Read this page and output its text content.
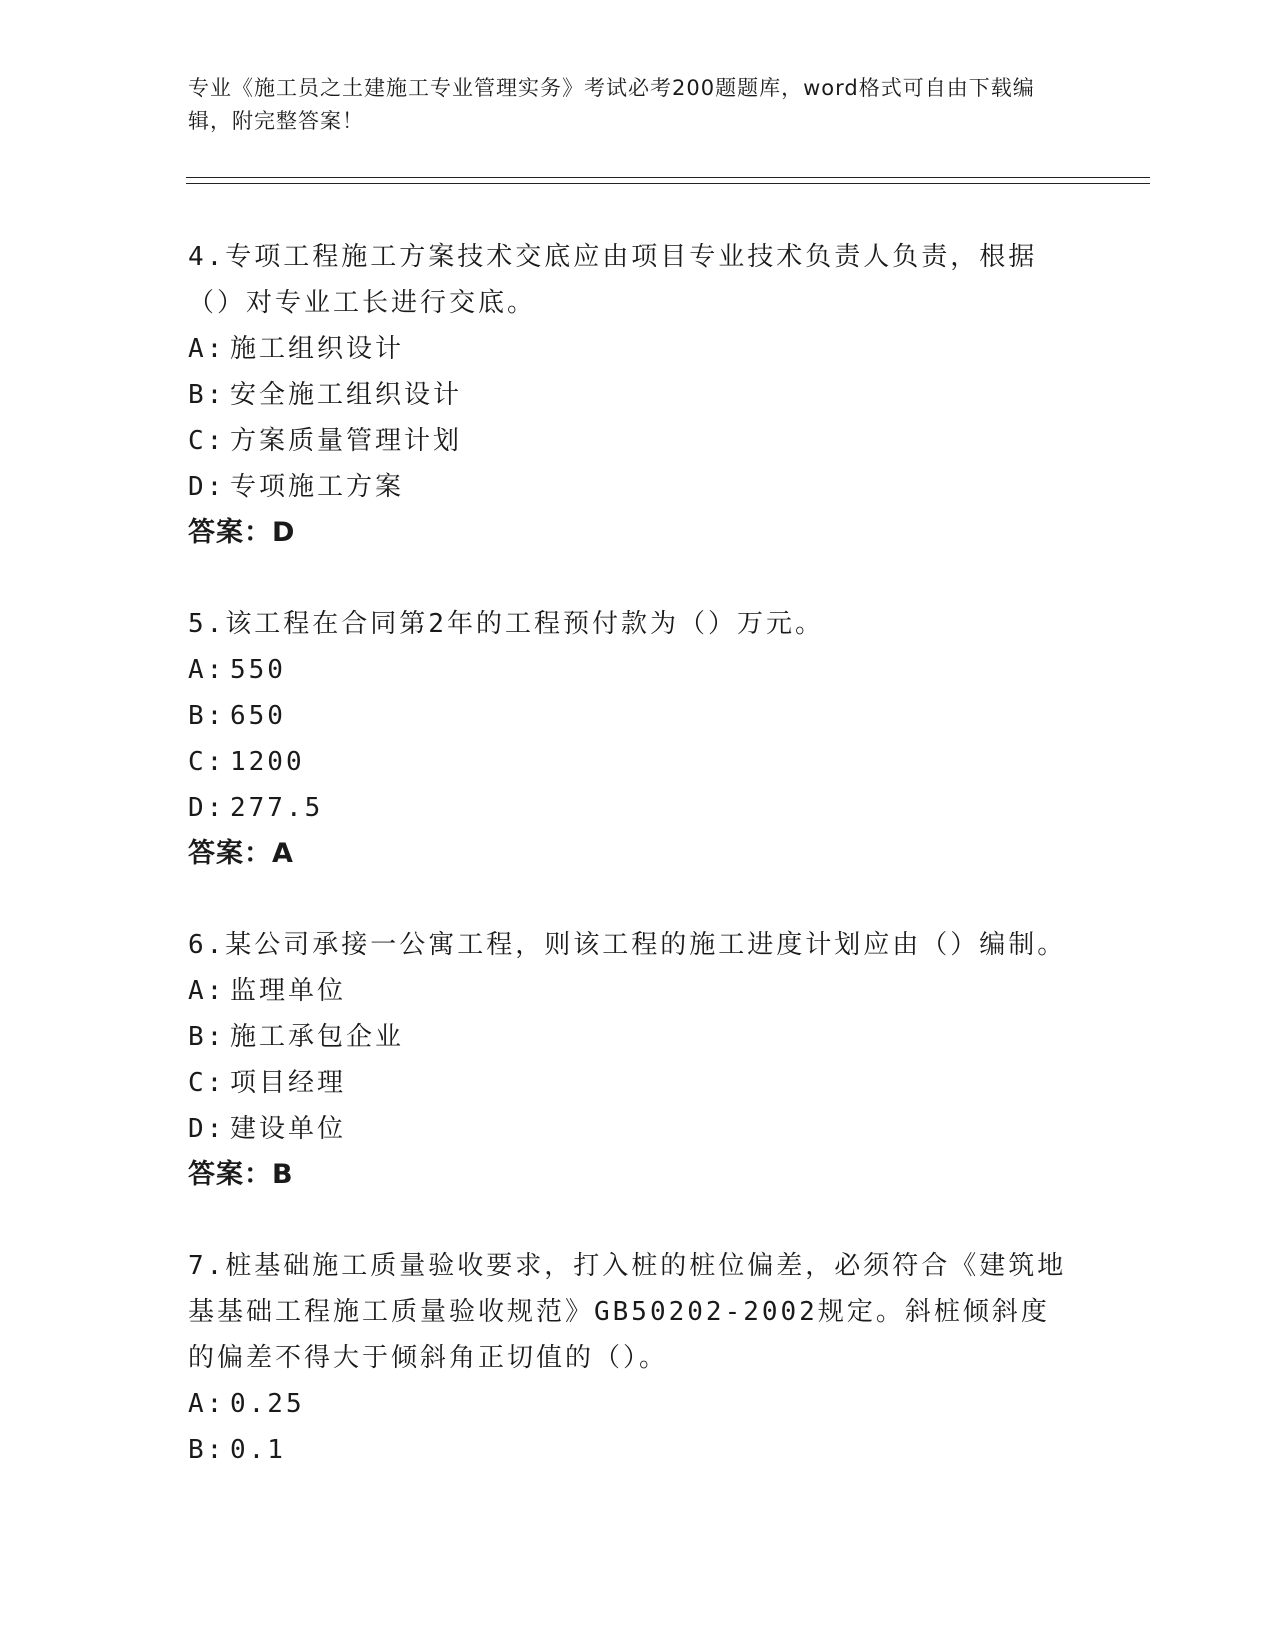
专业《施工员之土建施工专业管理实务》考试必考200题题库，word格式可自由下载编辑，附完整答案！

4.专项工程施工方案技术交底应由项目专业技术负责人负责，根据（）对专业工长进行交底。

A: 施工组织设计

B: 安全施工组织设计

C: 方案质量管理计划

D: 专项施工方案

答案：D

5.该工程在合同第2年的工程预付款为（）万元。

A: 550

B: 650

C: 1200

D: 277.5

答案：A

6.某公司承接一公寓工程，则该工程的施工进度计划应由（）编制。

A: 监理单位

B: 施工承包企业

C: 项目经理

D: 建设单位

答案：B

7.桩基础施工质量验收要求，打入桩的桩位偏差，必须符合《建筑地基基础工程施工质量验收规范》GB50202-2002规定。斜桩倾斜度的偏差不得大于倾斜角正切值的（）。

A: 0.25

B: 0.1
